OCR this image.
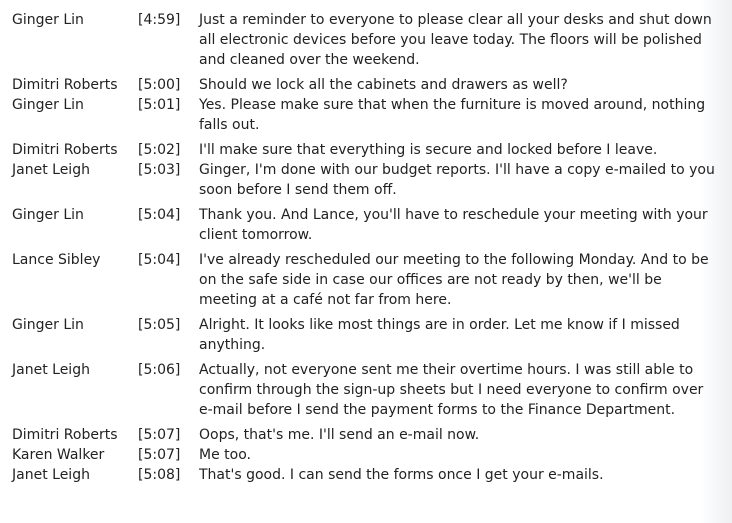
Ginger Lin	[4:59]	Just a reminder to everyone to please clear all your desks and shut down all electronic devices before you leave today. The floors will be polished and cleaned over the weekend.
Dimitri Roberts	[5:00]	Should we lock all the cabinets and drawers as well?
Ginger Lin	[5:01]	Yes. Please make sure that when the furniture is moved around, nothing falls out.
Dimitri Roberts	[5:02]	I'll make sure that everything is secure and locked before I leave.
Janet Leigh	[5:03]	Ginger, I'm done with our budget reports. I'll have a copy e-mailed to you soon before I send them off.
Ginger Lin	[5:04]	Thank you. And Lance, you'll have to reschedule your meeting with your client tomorrow.
Lance Sibley	[5:04]	I've already rescheduled our meeting to the following Monday. And to be on the safe side in case our offices are not ready by then, we'll be meeting at a café not far from here.
Ginger Lin	[5:05]	Alright. It looks like most things are in order. Let me know if I missed anything.
Janet Leigh	[5:06]	Actually, not everyone sent me their overtime hours. I was still able to confirm through the sign-up sheets but I need everyone to confirm over e-mail before I send the payment forms to the Finance Department.
Dimitri Roberts	[5:07]	Oops, that's me. I'll send an e-mail now.
Karen Walker	[5:07]	Me too.
Janet Leigh	[5:08]	That's good. I can send the forms once I get your e-mails.
